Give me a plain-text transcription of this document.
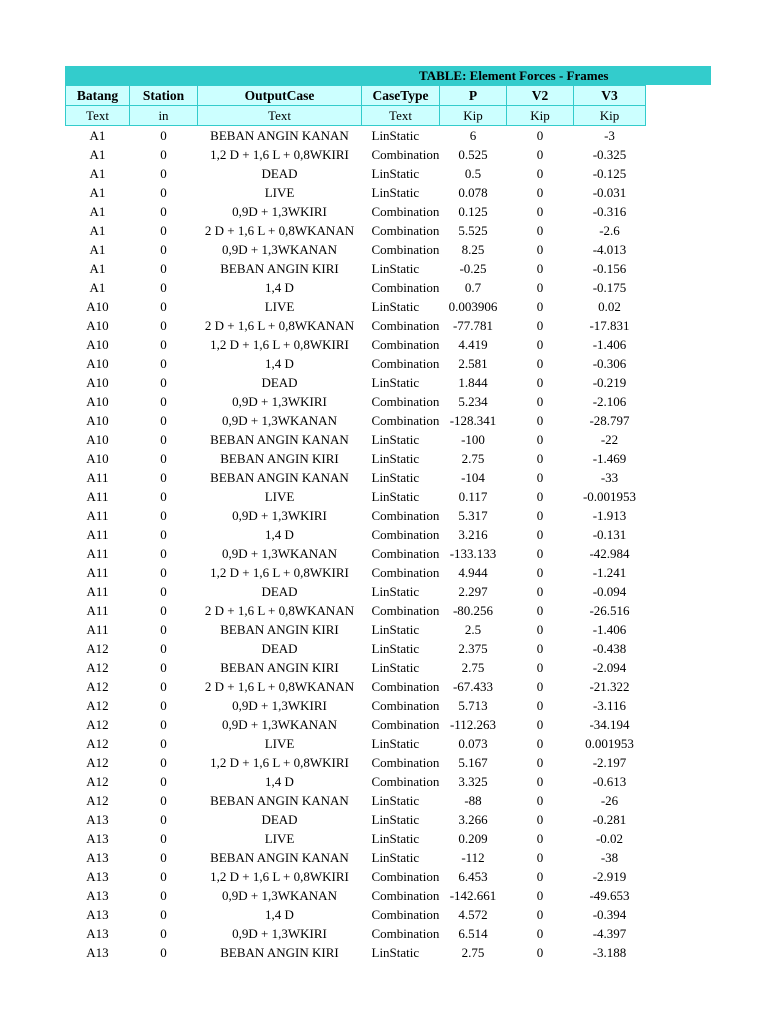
TABLE: Element Forces - Frames
Batang	Station	OutputCase	CaseType	P	V2	V3
Text	in	Text	Text	Kip	Kip	Kip
A1	0	BEBAN ANGIN KANAN	LinStatic	6	0	-3
A1	0	1,2 D + 1,6 L + 0,8WKIRI	Combination	0.525	0	-0.325
A1	0	DEAD	LinStatic	0.5	0	-0.125
A1	0	LIVE	LinStatic	0.078	0	-0.031
A1	0	0,9D + 1,3WKIRI	Combination	0.125	0	-0.316
A1	0	2 D + 1,6 L + 0,8WKANAN	Combination	5.525	0	-2.6
A1	0	0,9D + 1,3WKANAN	Combination	8.25	0	-4.013
A1	0	BEBAN ANGIN KIRI	LinStatic	-0.25	0	-0.156
A1	0	1,4 D	Combination	0.7	0	-0.175
A10	0	LIVE	LinStatic	0.003906	0	0.02
A10	0	2 D + 1,6 L + 0,8WKANAN	Combination	-77.781	0	-17.831
A10	0	1,2 D + 1,6 L + 0,8WKIRI	Combination	4.419	0	-1.406
A10	0	1,4 D	Combination	2.581	0	-0.306
A10	0	DEAD	LinStatic	1.844	0	-0.219
A10	0	0,9D + 1,3WKIRI	Combination	5.234	0	-2.106
A10	0	0,9D + 1,3WKANAN	Combination	-128.341	0	-28.797
A10	0	BEBAN ANGIN KANAN	LinStatic	-100	0	-22
A10	0	BEBAN ANGIN KIRI	LinStatic	2.75	0	-1.469
A11	0	BEBAN ANGIN KANAN	LinStatic	-104	0	-33
A11	0	LIVE	LinStatic	0.117	0	-0.001953
A11	0	0,9D + 1,3WKIRI	Combination	5.317	0	-1.913
A11	0	1,4 D	Combination	3.216	0	-0.131
A11	0	0,9D + 1,3WKANAN	Combination	-133.133	0	-42.984
A11	0	1,2 D + 1,6 L + 0,8WKIRI	Combination	4.944	0	-1.241
A11	0	DEAD	LinStatic	2.297	0	-0.094
A11	0	2 D + 1,6 L + 0,8WKANAN	Combination	-80.256	0	-26.516
A11	0	BEBAN ANGIN KIRI	LinStatic	2.5	0	-1.406
A12	0	DEAD	LinStatic	2.375	0	-0.438
A12	0	BEBAN ANGIN KIRI	LinStatic	2.75	0	-2.094
A12	0	2 D + 1,6 L + 0,8WKANAN	Combination	-67.433	0	-21.322
A12	0	0,9D + 1,3WKIRI	Combination	5.713	0	-3.116
A12	0	0,9D + 1,3WKANAN	Combination	-112.263	0	-34.194
A12	0	LIVE	LinStatic	0.073	0	0.001953
A12	0	1,2 D + 1,6 L + 0,8WKIRI	Combination	5.167	0	-2.197
A12	0	1,4 D	Combination	3.325	0	-0.613
A12	0	BEBAN ANGIN KANAN	LinStatic	-88	0	-26
A13	0	DEAD	LinStatic	3.266	0	-0.281
A13	0	LIVE	LinStatic	0.209	0	-0.02
A13	0	BEBAN ANGIN KANAN	LinStatic	-112	0	-38
A13	0	1,2 D + 1,6 L + 0,8WKIRI	Combination	6.453	0	-2.919
A13	0	0,9D + 1,3WKANAN	Combination	-142.661	0	-49.653
A13	0	1,4 D	Combination	4.572	0	-0.394
A13	0	0,9D + 1,3WKIRI	Combination	6.514	0	-4.397
A13	0	BEBAN ANGIN KIRI	LinStatic	2.75	0	-3.188
